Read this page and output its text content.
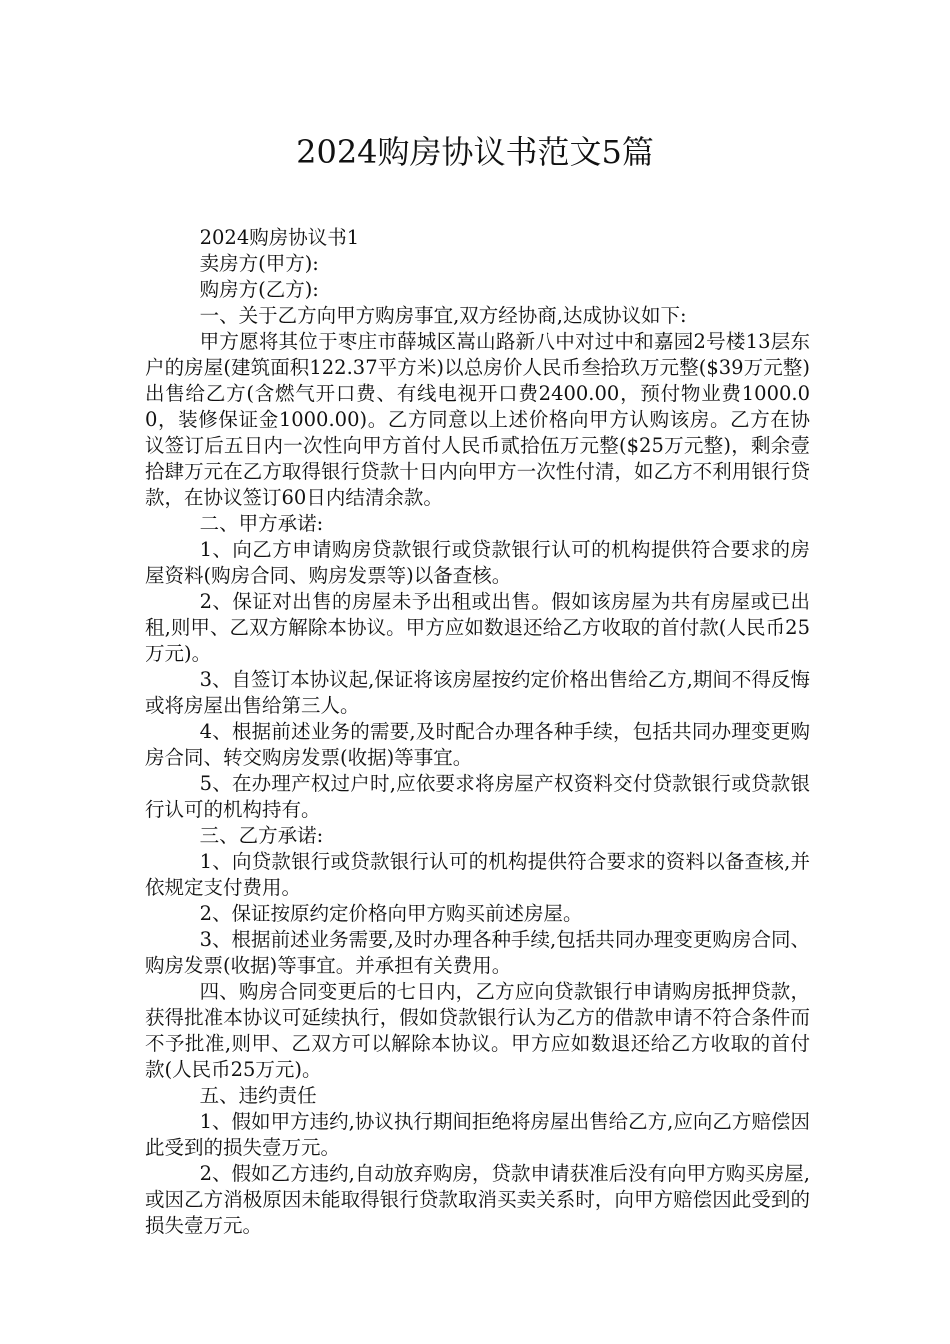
2024购房协议书范文5篇

2024购房协议书1

卖房方(甲方):

购房方(乙方):

一、关于乙方向甲方购房事宜,双方经协商,达成协议如下:

甲方愿将其位于枣庄市薛城区嵩山路新八中对过中和嘉园2号楼13层东户的房屋(建筑面积122.37平方米)以总房价人民币叁拾玖万元整($39万元整)出售给乙方(含燃气开口费、有线电视开口费2400.00，预付物业费1000.00，装修保证金1000.00)。乙方同意以上述价格向甲方认购该房。乙方在协议签订后五日内一次性向甲方首付人民币贰拾伍万元整($25万元整)，剩余壹拾肆万元在乙方取得银行贷款十日内向甲方一次性付清，如乙方不利用银行贷款，在协议签订60日内结清余款。

二、甲方承诺:

1、向乙方申请购房贷款银行或贷款银行认可的机构提供符合要求的房屋资料(购房合同、购房发票等)以备查核。

2、保证对出售的房屋未予出租或出售。假如该房屋为共有房屋或已出租,则甲、乙双方解除本协议。甲方应如数退还给乙方收取的首付款(人民币25万元)。

3、自签订本协议起,保证将该房屋按约定价格出售给乙方,期间不得反悔或将房屋出售给第三人。

4、根据前述业务的需要,及时配合办理各种手续，包括共同办理变更购房合同、转交购房发票(收据)等事宜。

5、在办理产权过户时,应依要求将房屋产权资料交付贷款银行或贷款银行认可的机构持有。

三、乙方承诺:

1、向贷款银行或贷款银行认可的机构提供符合要求的资料以备查核,并依规定支付费用。

2、保证按原约定价格向甲方购买前述房屋。

3、根据前述业务需要,及时办理各种手续,包括共同办理变更购房合同、购房发票(收据)等事宜。并承担有关费用。

四、购房合同变更后的七日内，乙方应向贷款银行申请购房抵押贷款，获得批准本协议可延续执行，假如贷款银行认为乙方的借款申请不符合条件而不予批准,则甲、乙双方可以解除本协议。甲方应如数退还给乙方收取的首付款(人民币25万元)。

五、违约责任

1、假如甲方违约,协议执行期间拒绝将房屋出售给乙方,应向乙方赔偿因此受到的损失壹万元。

2、假如乙方违约,自动放弃购房，贷款申请获准后没有向甲方购买房屋,或因乙方消极原因未能取得银行贷款取消买卖关系时，向甲方赔偿因此受到的损失壹万元。
